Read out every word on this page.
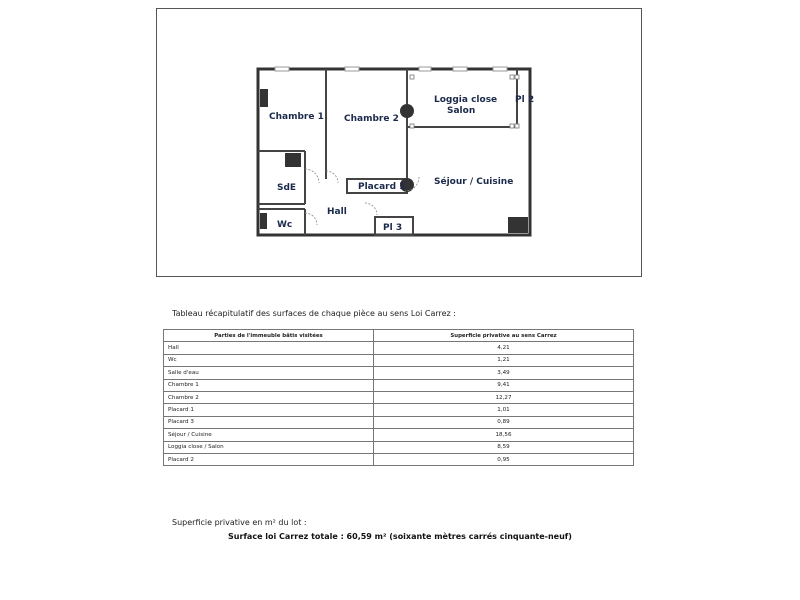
Chambre 1 Chambre 2
Loggia close
Salon
Pl 2
SdE	Placard 1	Séjour / Cuisine
Hall
Wc	Pl 3
Tableau récapitulatif des surfaces de chaque pièce au sens Loi Carrez :
Parties de l'immeuble bâtis visitées	Superficie privative au sens Carrez
Hall	4,21
Wc	1,21
Salle d'eau	3,49
Chambre 1	9,41
Chambre 2	12,27
Placard 1	1,01
Placard 3	0,89
Séjour / Cuisine	18,56
Loggia close / Salon	8,59
Placard 2	0,95
Superficie privative en m² du lot :
Surface loi Carrez totale : 60,59 m² (soixante mètres carrés cinquante-neuf)
